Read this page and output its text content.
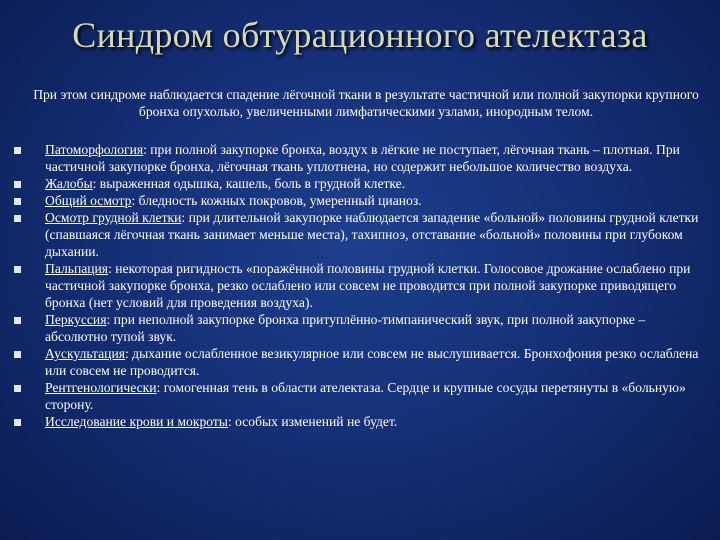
Синдром обтурационного ателектаза
При этом синдроме наблюдается спадение лёгочной ткани в результате частичной или полной закупорки крупного бронха опухолью, увеличенными лимфатическими узлами, инородным телом.
Патоморфология: при полной закупорке бронха, воздух в лёгкие не поступает, лёгочная ткань – плотная. При частичной закупорке бронха, лёгочная ткань уплотнена, но содержит небольшое количество воздуха.
Жалобы: выраженная одышка, кашель, боль в грудной клетке.
Общий осмотр: бледность кожных покровов, умеренный цианоз.
Осмотр грудной клетки: при длительной закупорке наблюдается западение «больной» половины грудной клетки (спавшаяся лёгочная ткань занимает меньше места), тахипноэ, отставание «больной» половины при глубоком дыхании.
Пальпация: некоторая ригидность «поражённой половины грудной клетки. Голосовое дрожание ослаблено при частичной закупорке бронха, резко ослаблено или совсем не проводится при полной закупорке приводящего бронха (нет условий для проведения воздуха).
Перкуссия: при неполной закупорке бронха притуплённо-тимпанический звук, при полной закупорке – абсолютно тупой звук.
Аускультация: дыхание ослабленное везикулярное или совсем не выслушивается. Бронхофония резко ослаблена или совсем не проводится.
Рентгенологически: гомогенная тень в области ателектаза. Сердце и крупные сосуды перетянуты в «больную» сторону.
Исследование крови и мокроты: особых изменений не будет.
